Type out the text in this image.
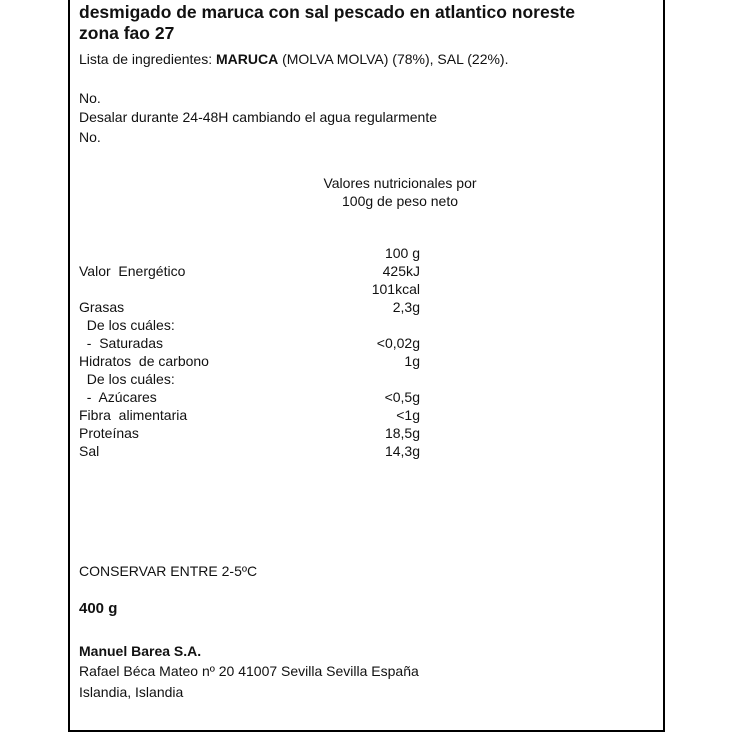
desmigado de maruca con sal pescado en atlantico noreste
zona fao 27
Lista de ingredientes: MARUCA (MOLVA MOLVA) (78%), SAL (22%).
No.
Desalar durante 24-48H cambiando el agua regularmente
No.
Valores nutricionales por
100g de peso neto
100 g
Valor  Energético	425kJ
101kcal
Grasas	2,3g
De los cuáles:
-  Saturadas	<0,02g
Hidratos  de carbono	1g
De los cuáles:
-  Azúcares	<0,5g
Fibra  alimentaria	<1g
Proteínas	18,5g
Sal	14,3g
CONSERVAR ENTRE 2-5ºC
400 g
Manuel Barea S.A.
Rafael Béca Mateo nº 20 41007 Sevilla Sevilla España
Islandia, Islandia
